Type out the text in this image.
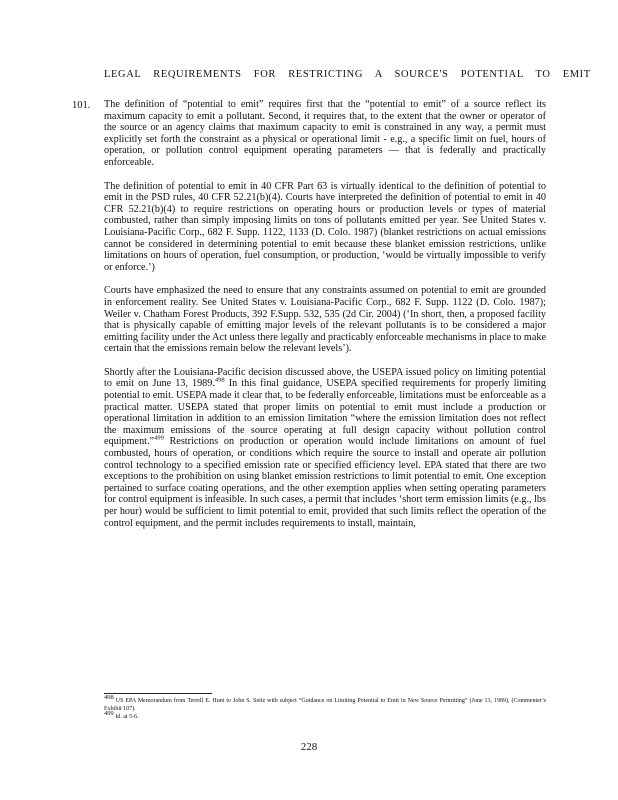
LEGAL REQUIREMENTS FOR RESTRICTING A SOURCE'S POTENTIAL TO EMIT
101. The definition of “potential to emit” requires first that the “potential to emit” of a source reflect its maximum capacity to emit a pollutant. Second, it requires that, to the extent that the owner or operator of the source or an agency claims that maximum capacity to emit is constrained in any way, a permit must explicitly set forth the constraint as a physical or operational limit - e.g., a specific limit on fuel, hours of operation, or pollution control equipment operating parameters — that is federally and practically enforceable.

The definition of potential to emit in 40 CFR Part 63 is virtually identical to the definition of potential to emit in the PSD rules, 40 CFR 52.21(b)(4). Courts have interpreted the definition of potential to emit in 40 CFR 52.21(b)(4) to require restrictions on operating hours or production levels or types of material combusted, rather than simply imposing limits on tons of pollutants emitted per year. See United States v. Louisiana-Pacific Corp., 682 F. Supp. 1122, 1133 (D. Colo. 1987) (blanket restrictions on actual emissions cannot be considered in determining potential to emit because these blanket emission restrictions, unlike limitations on hours of operation, fuel consumption, or production, ‘would be virtually impossible to verify or enforce.’)

Courts have emphasized the need to ensure that any constraints assumed on potential to emit are grounded in enforcement reality. See United States v. Louisiana-Pacific Corp., 682 F. Supp. 1122 (D. Colo. 1987); Weiler v. Chatham Forest Products, 392 F.Supp. 532, 535 (2d Cir. 2004) (‘In short, then, a proposed facility that is physically capable of emitting major levels of the relevant pollutants is to be considered a major emitting facility under the Act unless there legally and practicably enforceable mechanisms in place to make certain that the emissions remain below the relevant levels’).

Shortly after the Louisiana-Pacific decision discussed above, the USEPA issued policy on limiting potential to emit on June 13, 1989.$^{498}$ In this final guidance, USEPA specified requirements for properly limiting potential to emit. USEPA made it clear that, to be federally enforceable, limitations must be enforceable as a practical matter. USEPA stated that proper limits on potential to emit must include a production or operational limitation in addition to an emission limitation “where the emission limitation does not reflect the maximum emissions of the source operating at full design capacity without pollution control equipment.”$^{499}$ Restrictions on production or operation would include limitations on amount of fuel combusted, hours of operation, or conditions which require the source to install and operate air pollution control technology to a specified emission rate or specified efficiency level. EPA stated that there are two exceptions to the prohibition on using blanket emission restrictions to limit potential to emit. One exception pertained to surface coating operations, and the other exemption applies when setting operating parameters for control equipment is infeasible. In such cases, a permit that includes ‘short term emission limits (e.g., lbs per hour) would be sufficient to limit potential to emit, provided that such limits reflect the operation of the control equipment, and the permit includes requirements to install, maintain,

$^{498}$ US EPA Memorandum from Terrell E. Hunt to John S. Seitz with subject “Guidance on Limiting Potential to Emit in New Source Permitting” (June 13, 1989), (Commenter’s Exhibit 107).

$^{499}$ Id. at 5-6.

228
